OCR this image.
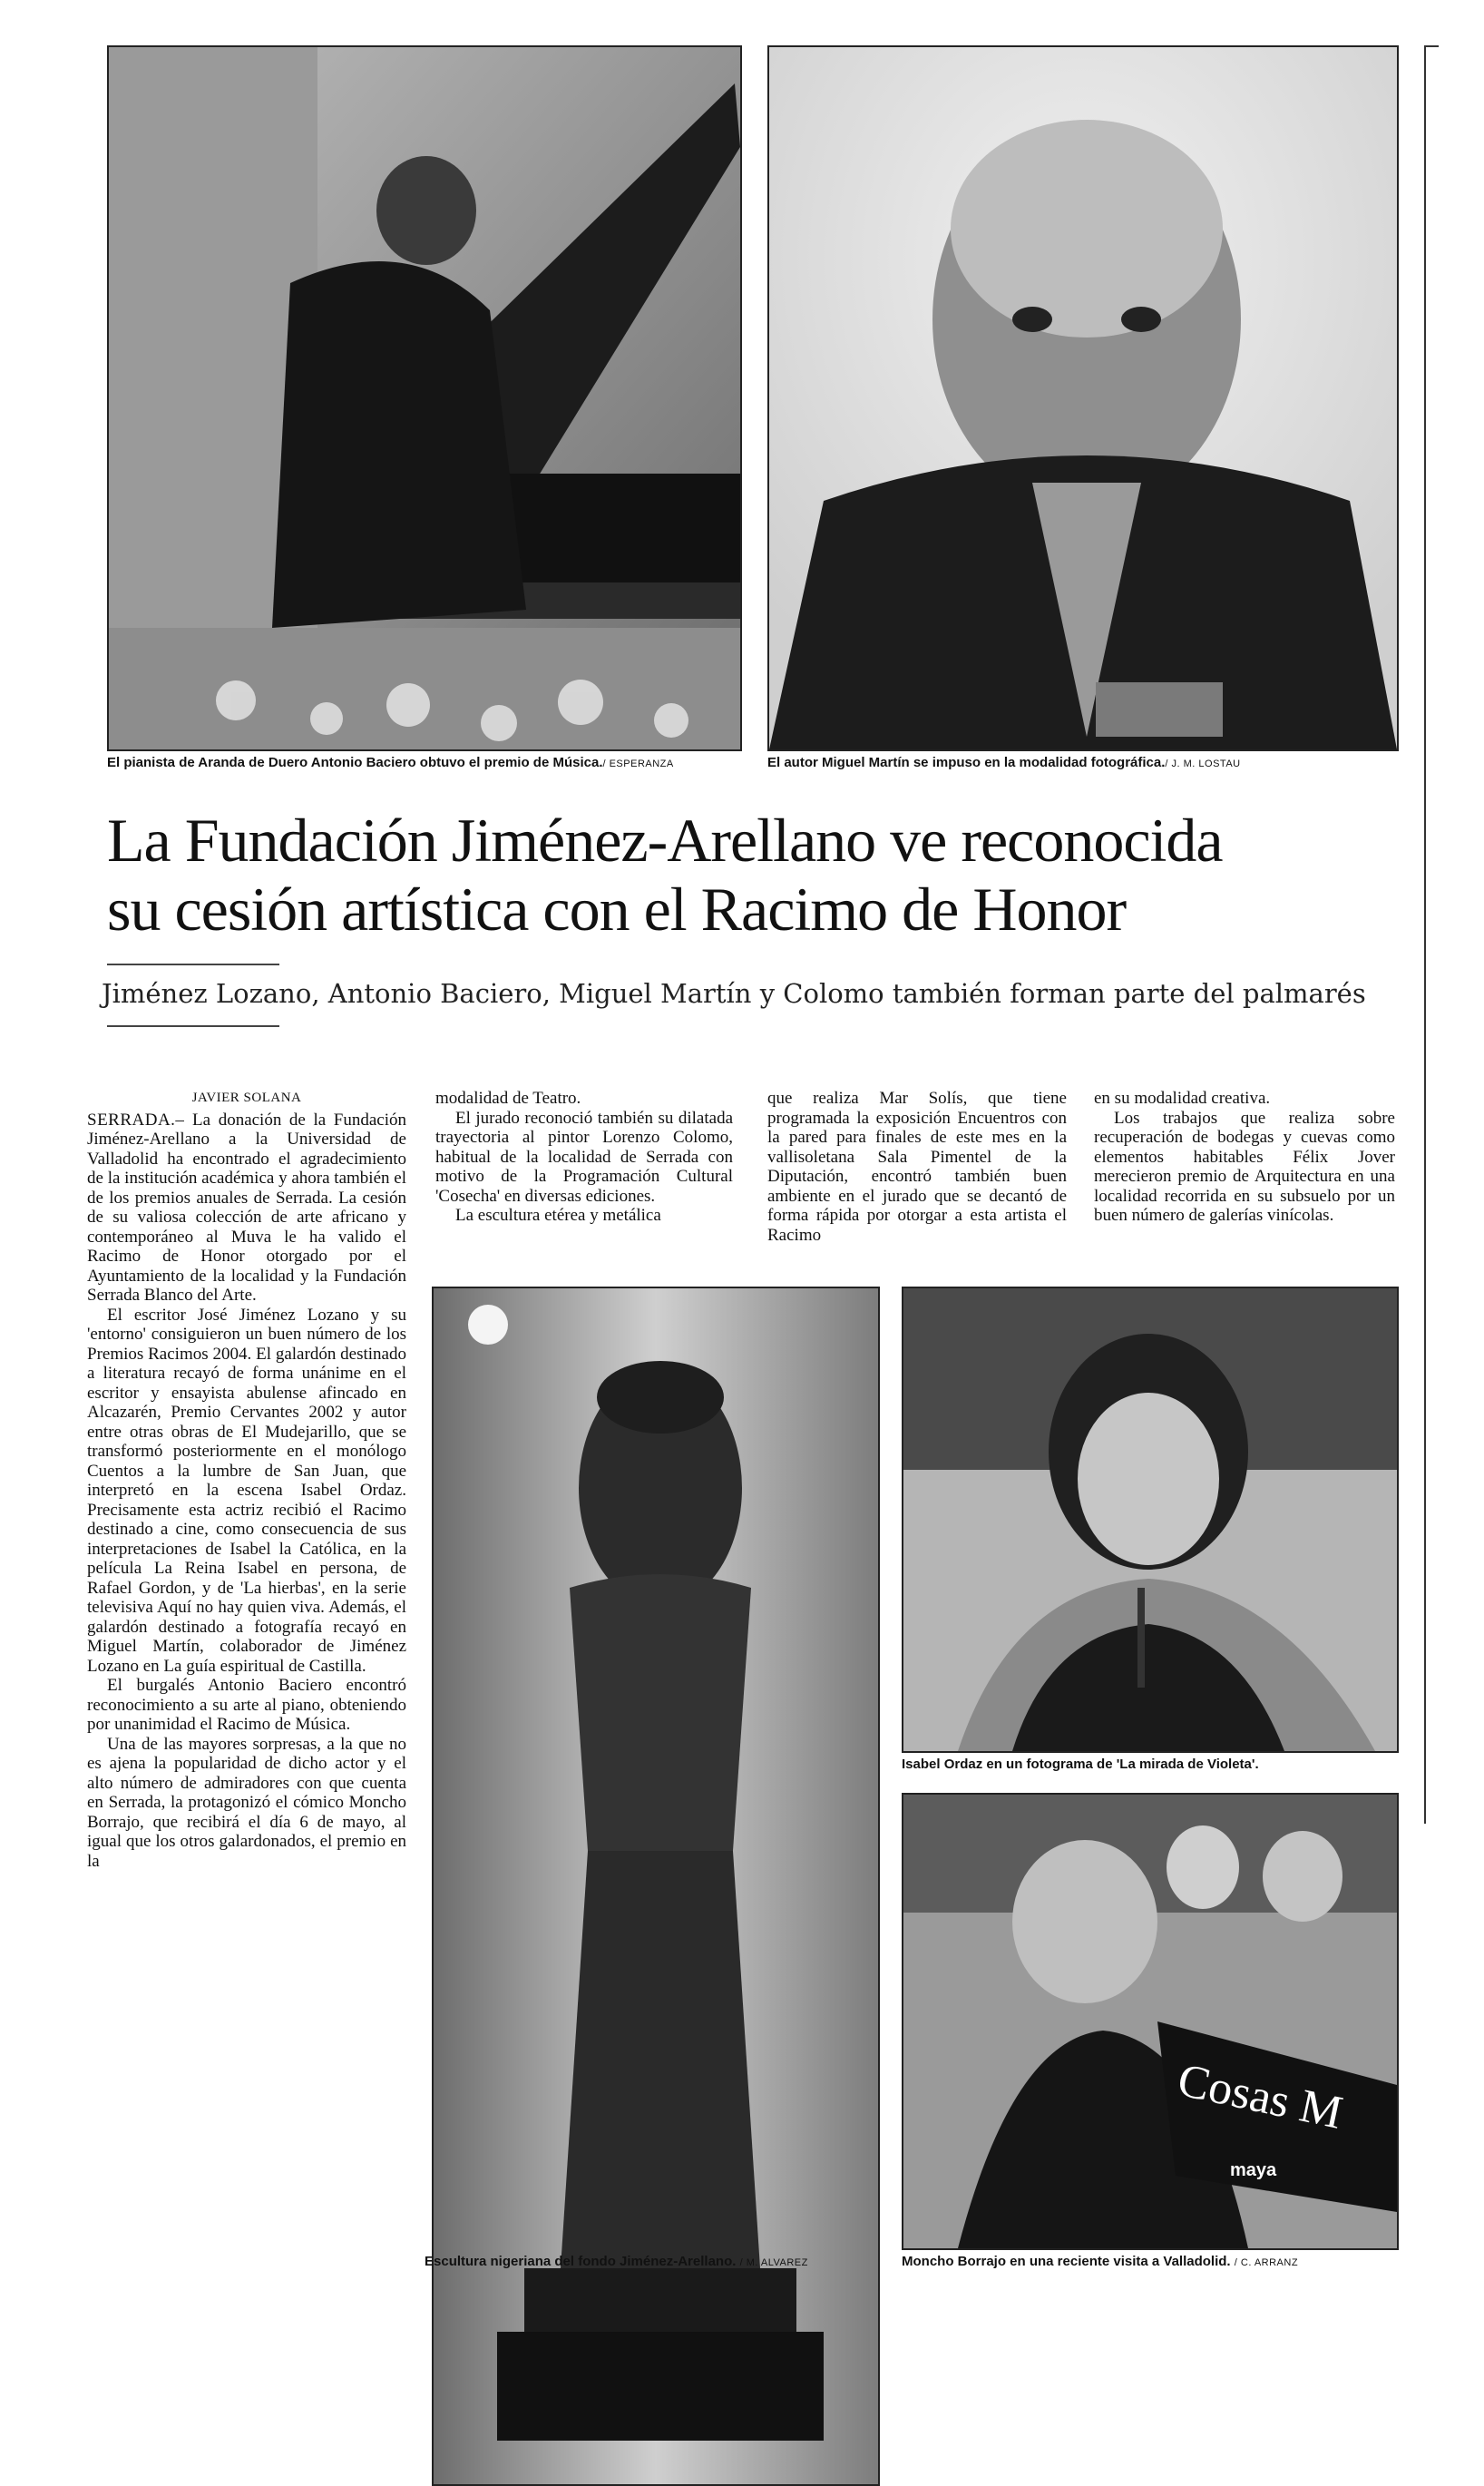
El pianista de Aranda de Duero Antonio Baciero obtuvo el premio de Música./ ESPERANZA	El autor Miguel Martín se impuso en la modalidad fotográfica./ J. M. LOSTAU
La Fundación Jiménez-Arellano ve reconocida
su cesión artística con el Racimo de Honor
Jiménez Lozano, Antonio Baciero, Miguel Martín y Colomo también forman parte del palmarés
JAVIER SOLANA

SERRADA.– La donación de la Fundación Jiménez-Arellano a la Universidad de Valladolid ha encontrado el agradecimiento de la institución académica y ahora también el de los premios anuales de Serrada. La cesión de su valiosa colección de arte africano y contemporáneo al Muva le ha valido el Racimo de Honor otorgado por el Ayuntamiento de la localidad y la Fundación Serrada Blanco del Arte.

El escritor José Jiménez Lozano y su 'entorno' consiguieron un buen número de los Premios Racimos 2004. El galardón destinado a literatura recayó de forma unánime en el escritor y ensayista abulense afincado en Alcazarén, Premio Cervantes 2002 y autor entre otras obras de El Mudejarillo, que se transformó posteriormente en el monólogo Cuentos a la lumbre de San Juan, que interpretó en la escena Isabel Ordaz. Precisamente esta actriz recibió el Racimo destinado a cine, como consecuencia de sus interpretaciones de Isabel la Católica, en la película La Reina Isabel en persona, de Rafael Gordon, y de 'La hierbas', en la serie televisiva Aquí no hay quien viva. Además, el galardón destinado a fotografía recayó en Miguel Martín, colaborador de Jiménez Lozano en La guía espiritual de Castilla.

El burgalés Antonio Baciero encontró reconocimiento a su arte al piano, obteniendo por unanimidad el Racimo de Música.

Una de las mayores sorpresas, a la que no es ajena la popularidad de dicho actor y el alto número de admiradores con que cuenta en Serrada, la protagonizó el cómico Moncho Borrajo, que recibirá el día 6 de mayo, al igual que los otros galardonados, el premio en la

modalidad de Teatro.

El jurado reconoció también su dilatada trayectoria al pintor Lorenzo Colomo, habitual de la localidad de Serrada con motivo de la Programación Cultural 'Cosecha' en diversas ediciones.

La escultura etérea y metálica

que realiza Mar Solís, que tiene programada la exposición Encuentros con la pared para finales de este mes en la vallisoletana Sala Pimentel de la Diputación, encontró también buen ambiente en el jurado que se decantó de forma rápida por otorgar a esta artista el Racimo

en su modalidad creativa.

Los trabajos que realiza sobre recuperación de bodegas y cuevas como elementos habitables Félix Jover merecieron premio de Arquitectura en una localidad recorrida en su subsuelo por un buen número de galerías vinícolas.

Escultura nigeriana del fondo Jiménez-Arellano. / M. ALVAREZ
Isabel Ordaz en un fotograma de 'La mirada de Violeta'.
Cosas M
maya
Moncho Borrajo en una reciente visita a Valladolid. / C. ARRANZ
